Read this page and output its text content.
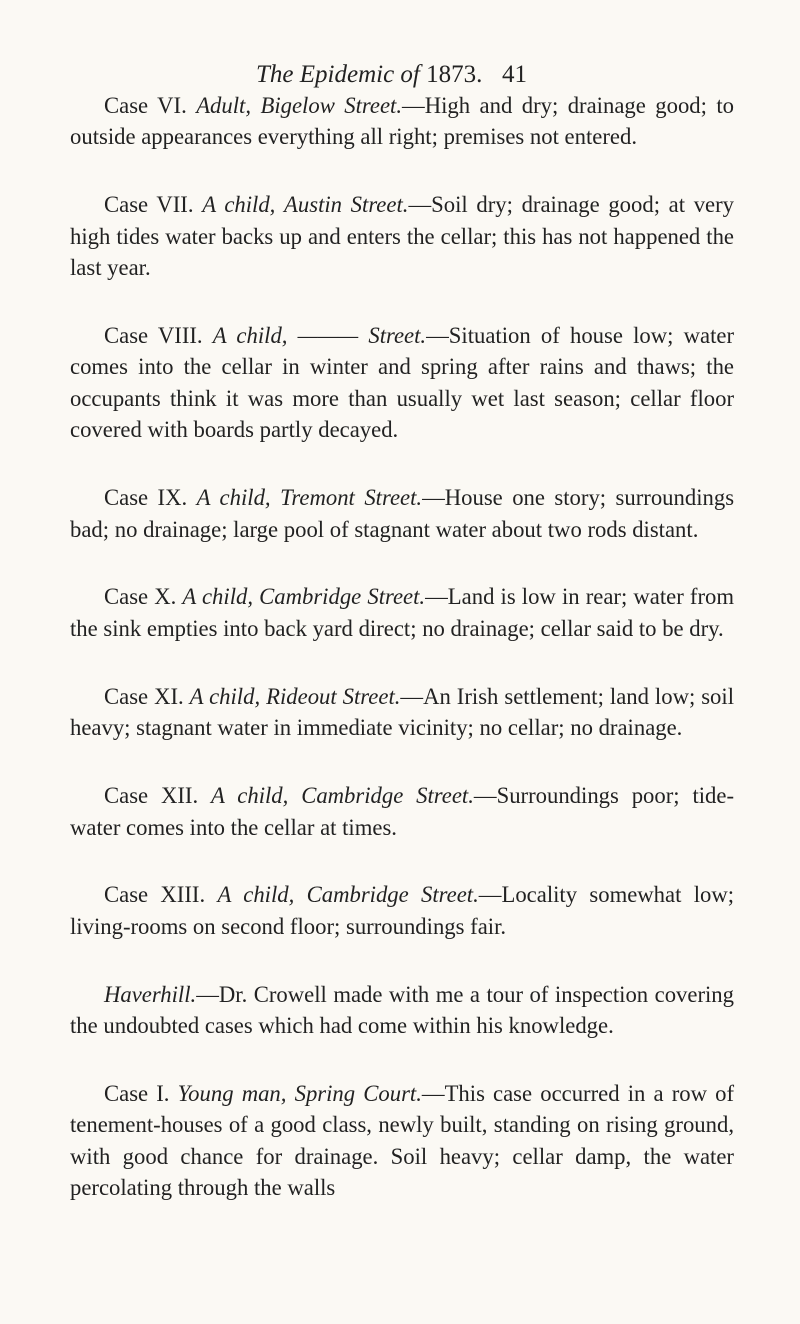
The Epidemic of 1873. 41

Case VI. Adult, Bigelow Street.—High and dry; drainage good; to outside appearances everything all right; premises not entered.

Case VII. A child, Austin Street.—Soil dry; drainage good; at very high tides water backs up and enters the cellar; this has not happened the last year.

Case VIII. A child, ——— Street.—Situation of house low; water comes into the cellar in winter and spring after rains and thaws; the occupants think it was more than usually wet last season; cellar floor covered with boards partly decayed.

Case IX. A child, Tremont Street.—House one story; surroundings bad; no drainage; large pool of stagnant water about two rods distant.

Case X. A child, Cambridge Street.—Land is low in rear; water from the sink empties into back yard direct; no drainage; cellar said to be dry.

Case XI. A child, Rideout Street.—An Irish settlement; land low; soil heavy; stagnant water in immediate vicinity; no cellar; no drainage.

Case XII. A child, Cambridge Street.—Surroundings poor; tide-water comes into the cellar at times.

Case XIII. A child, Cambridge Street.—Locality somewhat low; living-rooms on second floor; surroundings fair.

Haverhill.—Dr. Crowell made with me a tour of inspection covering the undoubted cases which had come within his knowledge.

Case I. Young man, Spring Court.—This case occurred in a row of tenement-houses of a good class, newly built, standing on rising ground, with good chance for drainage. Soil heavy; cellar damp, the water percolating through the walls
